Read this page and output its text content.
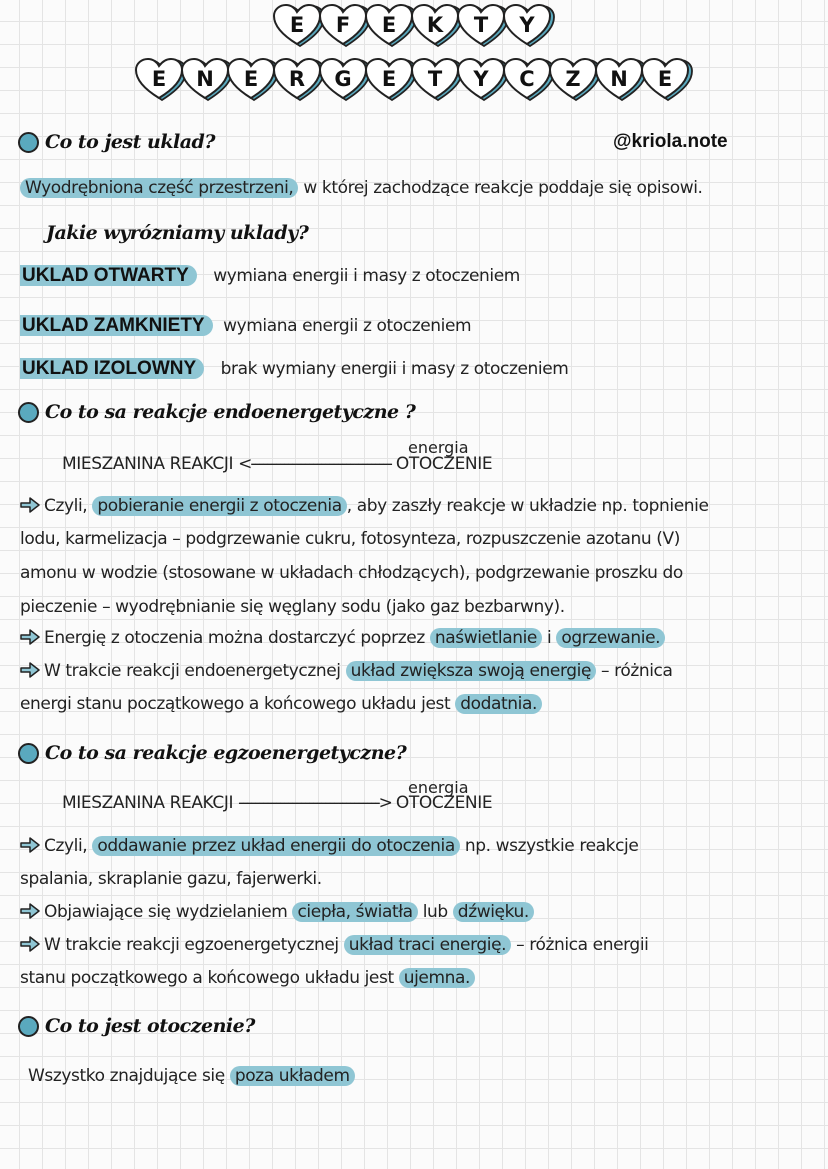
E	F	E	K	T	Y
E	N	E	R	G	E	T	Y	C	Z	N	E
Co to jest uklad?	@kriola.note
Wyodrębniona część przestrzeni, w której zachodzące reakcje poddaje się opisowi.
Jakie wyrózniamy uklady?
UKLAD OTWARTY wymiana energii i masy z otoczeniem
UKLAD ZAMKNIETY wymiana energii z otoczeniem
UKLAD IZOLOWNY brak wymiany energii i masy z otoczeniem
Co to sa reakcje endoenergetyczne ?
energia
MIESZANINA REAKCJI <---------------------------------- OTOCZENIE
Czyli, pobieranie energii z otoczenia , aby zaszły reakcje w układzie np. topnienie
lodu, karmelizacja – podgrzewanie cukru, fotosynteza, rozpuszczenie azotanu (V)
amonu w wodzie (stosowane w układach chłodzących), podgrzewanie proszku do
pieczenie – wyodrębnianie się węglany sodu (jako gaz bezbarwny).
Energię z otoczenia można dostarczyć poprzez naświetlanie i ogrzewanie.
W trakcie reakcji endoenergetycznej układ zwiększa swoją energię – różnica
energi stanu początkowego a końcowego układu jest dodatnia.
Co to sa reakcje egzoenergetyczne?
energia
MIESZANINA REAKCJI ----------------------------------> OTOCZENIE
Czyli, oddawanie przez układ energii do otoczenia np. wszystkie reakcje
spalania, skraplanie gazu, fajerwerki.
Objawiające się wydzielaniem ciepła, światła lub dźwięku.
W trakcie reakcji egzoenergetycznej układ traci energię. – różnica energii
stanu początkowego a końcowego układu jest ujemna.
Co to jest otoczenie?
Wszystko znajdujące się poza układem
